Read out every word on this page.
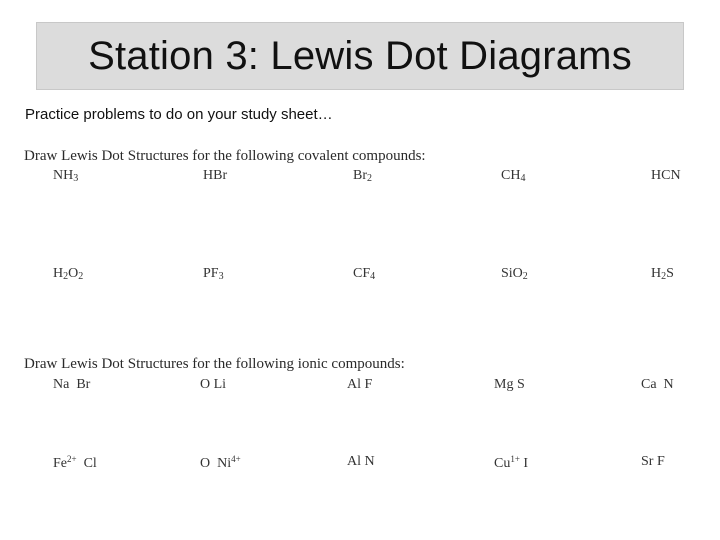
Station 3: Lewis Dot Diagrams
Practice problems to do on your study sheet…
Draw Lewis Dot Structures for the following covalent compounds:
$NH_3$	HBr	$Br_2$	$CH_4$	HCN
$H_2O_2$	$PF_3$	$CF_4$	SiO$_2$	$H_2S$
Draw Lewis Dot Structures for the following ionic compounds:
Na  Br	O Li	Al F	Mg S	Ca  N
$Fe^{2+}$  Cl	O  $Ni^{4+}$	Al N	$Cu^{1+}$ I	Sr F
